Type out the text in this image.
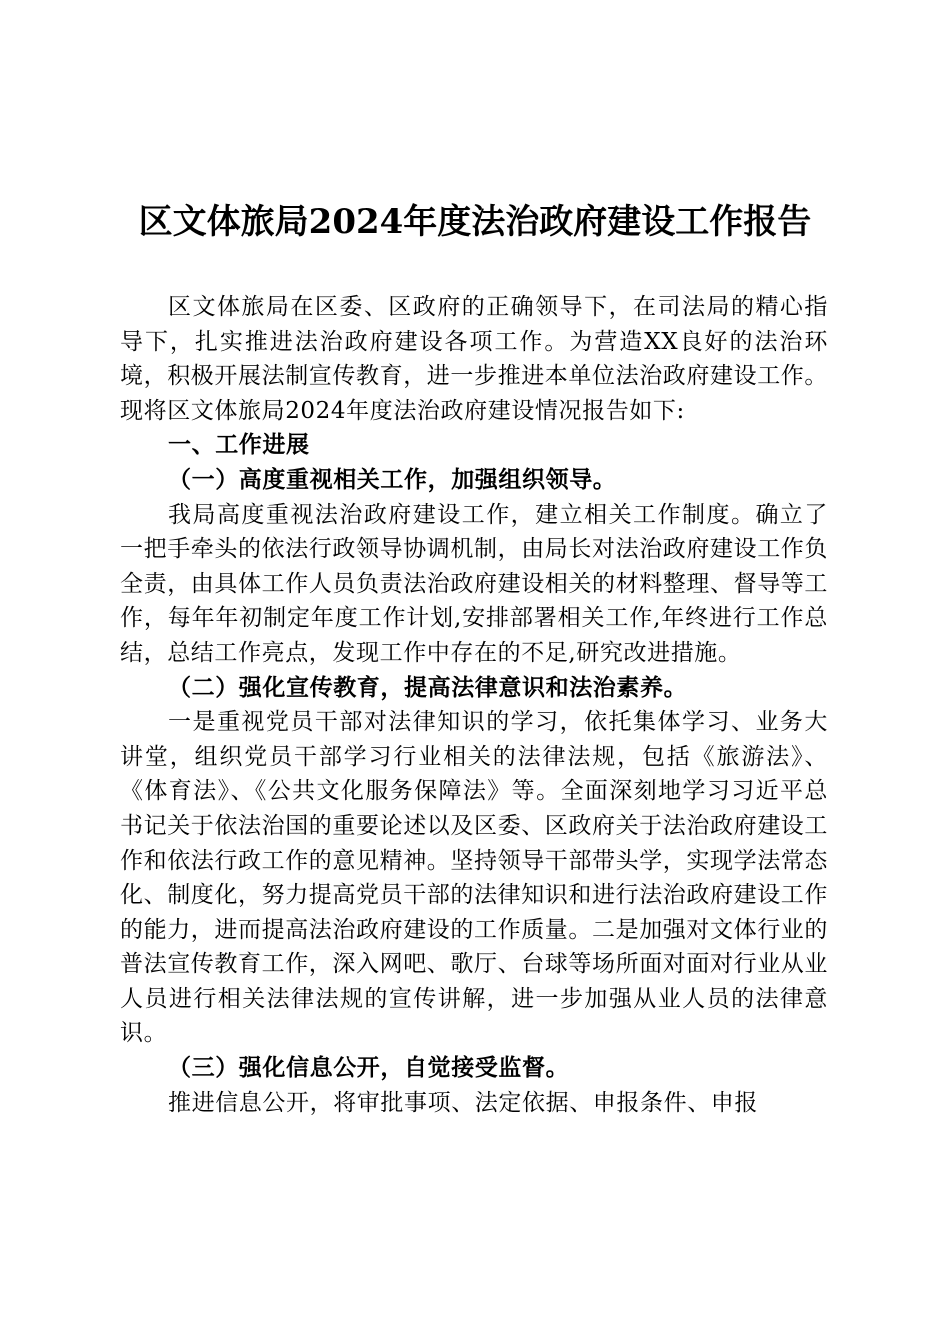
区文体旅局2024年度法治政府建设工作报告

区文体旅局在区委、区政府的正确领导下，在司法局的精心指导下，扎实推进法治政府建设各项工作。为营造XX良好的法治环境，积极开展法制宣传教育，进一步推进本单位法治政府建设工作。现将区文体旅局2024年度法治政府建设情况报告如下:

一、工作进展

（一）高度重视相关工作，加强组织领导。

我局高度重视法治政府建设工作，建立相关工作制度。确立了一把手牵头的依法行政领导协调机制，由局长对法治政府建设工作负全责，由具体工作人员负责法治政府建设相关的材料整理、督导等工作，每年年初制定年度工作计划,安排部署相关工作,年终进行工作总结，总结工作亮点，发现工作中存在的不足,研究改进措施。

（二）强化宣传教育，提高法律意识和法治素养。

一是重视党员干部对法律知识的学习，依托集体学习、业务大讲堂，组织党员干部学习行业相关的法律法规，包括《旅游法》、《体育法》、《公共文化服务保障法》等。全面深刻地学习习近平总书记关于依法治国的重要论述以及区委、区政府关于法治政府建设工作和依法行政工作的意见精神。坚持领导干部带头学，实现学法常态化、制度化，努力提高党员干部的法律知识和进行法治政府建设工作的能力，进而提高法治政府建设的工作质量。二是加强对文体行业的普法宣传教育工作，深入网吧、歌厅、台球等场所面对面对行业从业人员进行相关法律法规的宣传讲解，进一步加强从业人员的法律意识。

（三）强化信息公开，自觉接受监督。

推进信息公开，将审批事项、法定依据、申报条件、申报
